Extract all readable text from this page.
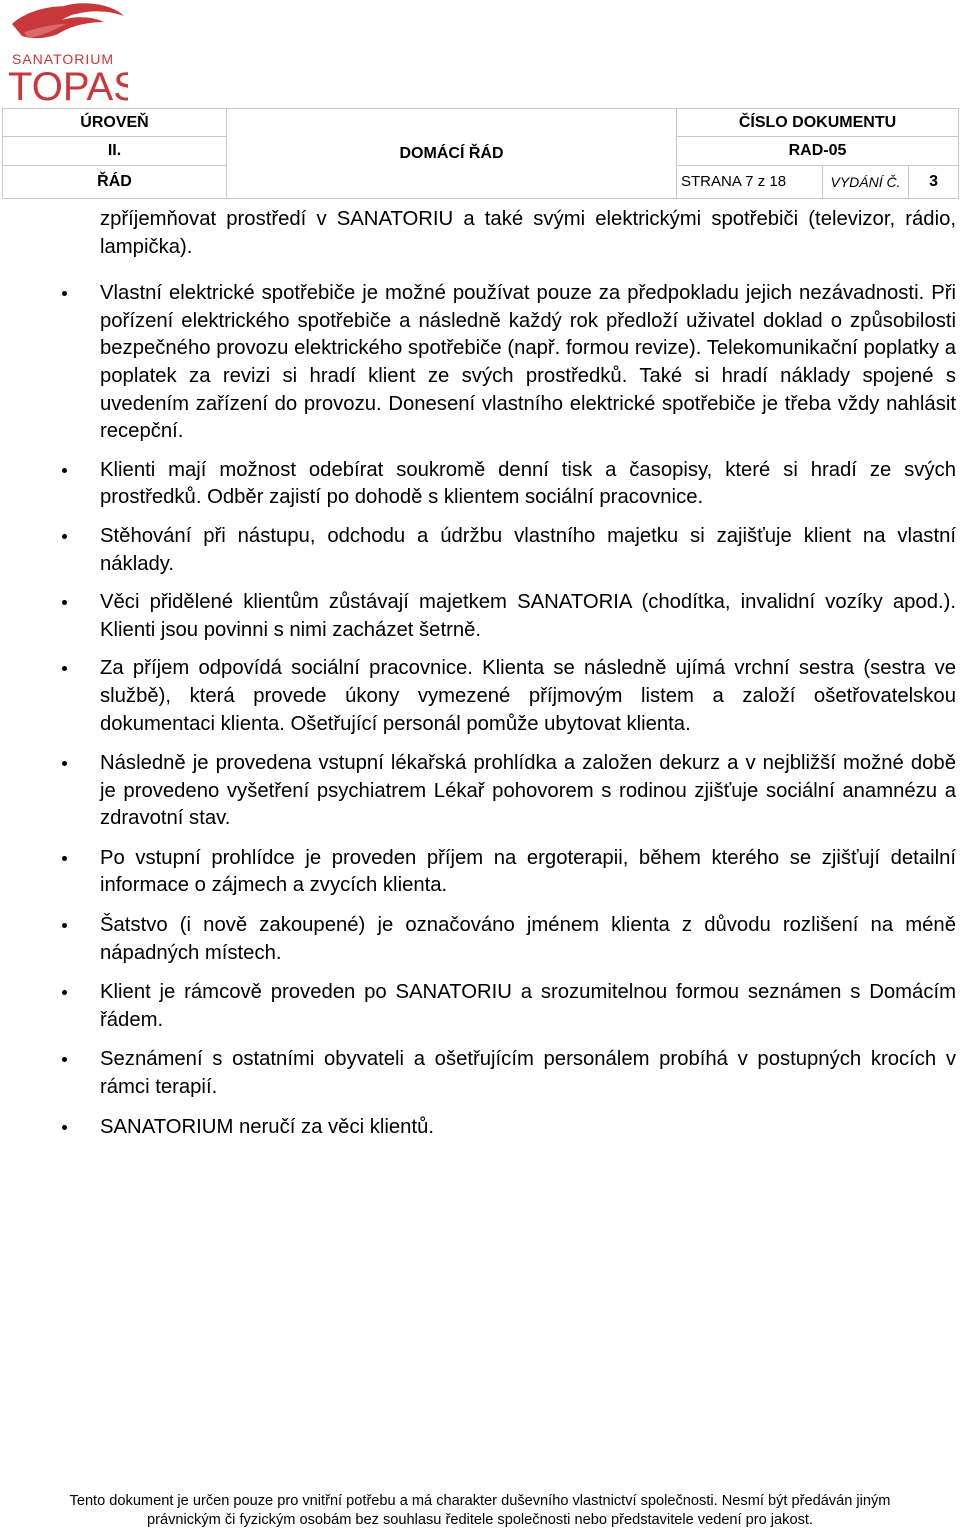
SANATORIUM
TOPAS
ÚROVEŇ	DOMÁCÍ ŘÁD	ČÍSLO DOKUMENTU		
II.		RAD-05		
ŘÁD		STRANA 7 z 18	VYDÁNÍ Č.	3

zpříjemňovat prostředí v SANATORIU a také svými elektrickými spotřebiči (televizor, rádio, lampička).

Vlastní elektrické spotřebiče je možné používat pouze za předpokladu jejich nezávadnosti. Při pořízení elektrického spotřebiče a následně každý rok předloží uživatel doklad o způsobilosti bezpečného provozu elektrického spotřebiče (např. formou revize). Telekomunikační poplatky a poplatek za revizi si hradí klient ze svých prostředků. Také si hradí náklady spojené s uvedením zařízení do provozu. Donesení vlastního elektrické spotřebiče je třeba vždy nahlásit recepční.
Klienti mají možnost odebírat soukromě denní tisk a časopisy, které si hradí ze svých prostředků. Odběr zajistí po dohodě s klientem sociální pracovnice.
Stěhování při nástupu, odchodu a údržbu vlastního majetku si zajišťuje klient na vlastní náklady.
Věci přidělené klientům zůstávají majetkem SANATORIA (chodítka, invalidní vozíky apod.). Klienti jsou povinni s nimi zacházet šetrně.
Za příjem odpovídá sociální pracovnice. Klienta se následně ujímá vrchní sestra (sestra ve službě), která provede úkony vymezené příjmovým listem a založí ošetřovatelskou dokumentaci klienta. Ošetřující personál pomůže ubytovat klienta.
Následně je provedena vstupní lékařská prohlídka a založen dekurz a v nejbližší možné době je provedeno vyšetření psychiatrem Lékař pohovorem s rodinou zjišťuje sociální anamnézu a zdravotní stav.
Po vstupní prohlídce je proveden příjem na ergoterapii, během kterého se zjišťují detailní informace o zájmech a zvycích klienta.
Šatstvo (i nově zakoupené) je označováno jménem klienta z důvodu rozlišení na méně nápadných místech.
Klient je rámcově proveden po SANATORIU a srozumitelnou formou seznámen s Domácím řádem.
Seznámení s ostatními obyvateli a ošetřujícím personálem probíhá v postupných krocích v rámci terapií.
SANATORIUM neručí za věci klientů.
Tento dokument je určen pouze pro vnitřní potřebu a má charakter duševního vlastnictví společnosti. Nesmí být předáván jiným
právnickým či fyzickým osobám bez souhlasu ředitele společnosti nebo představitele vedení pro jakost.
